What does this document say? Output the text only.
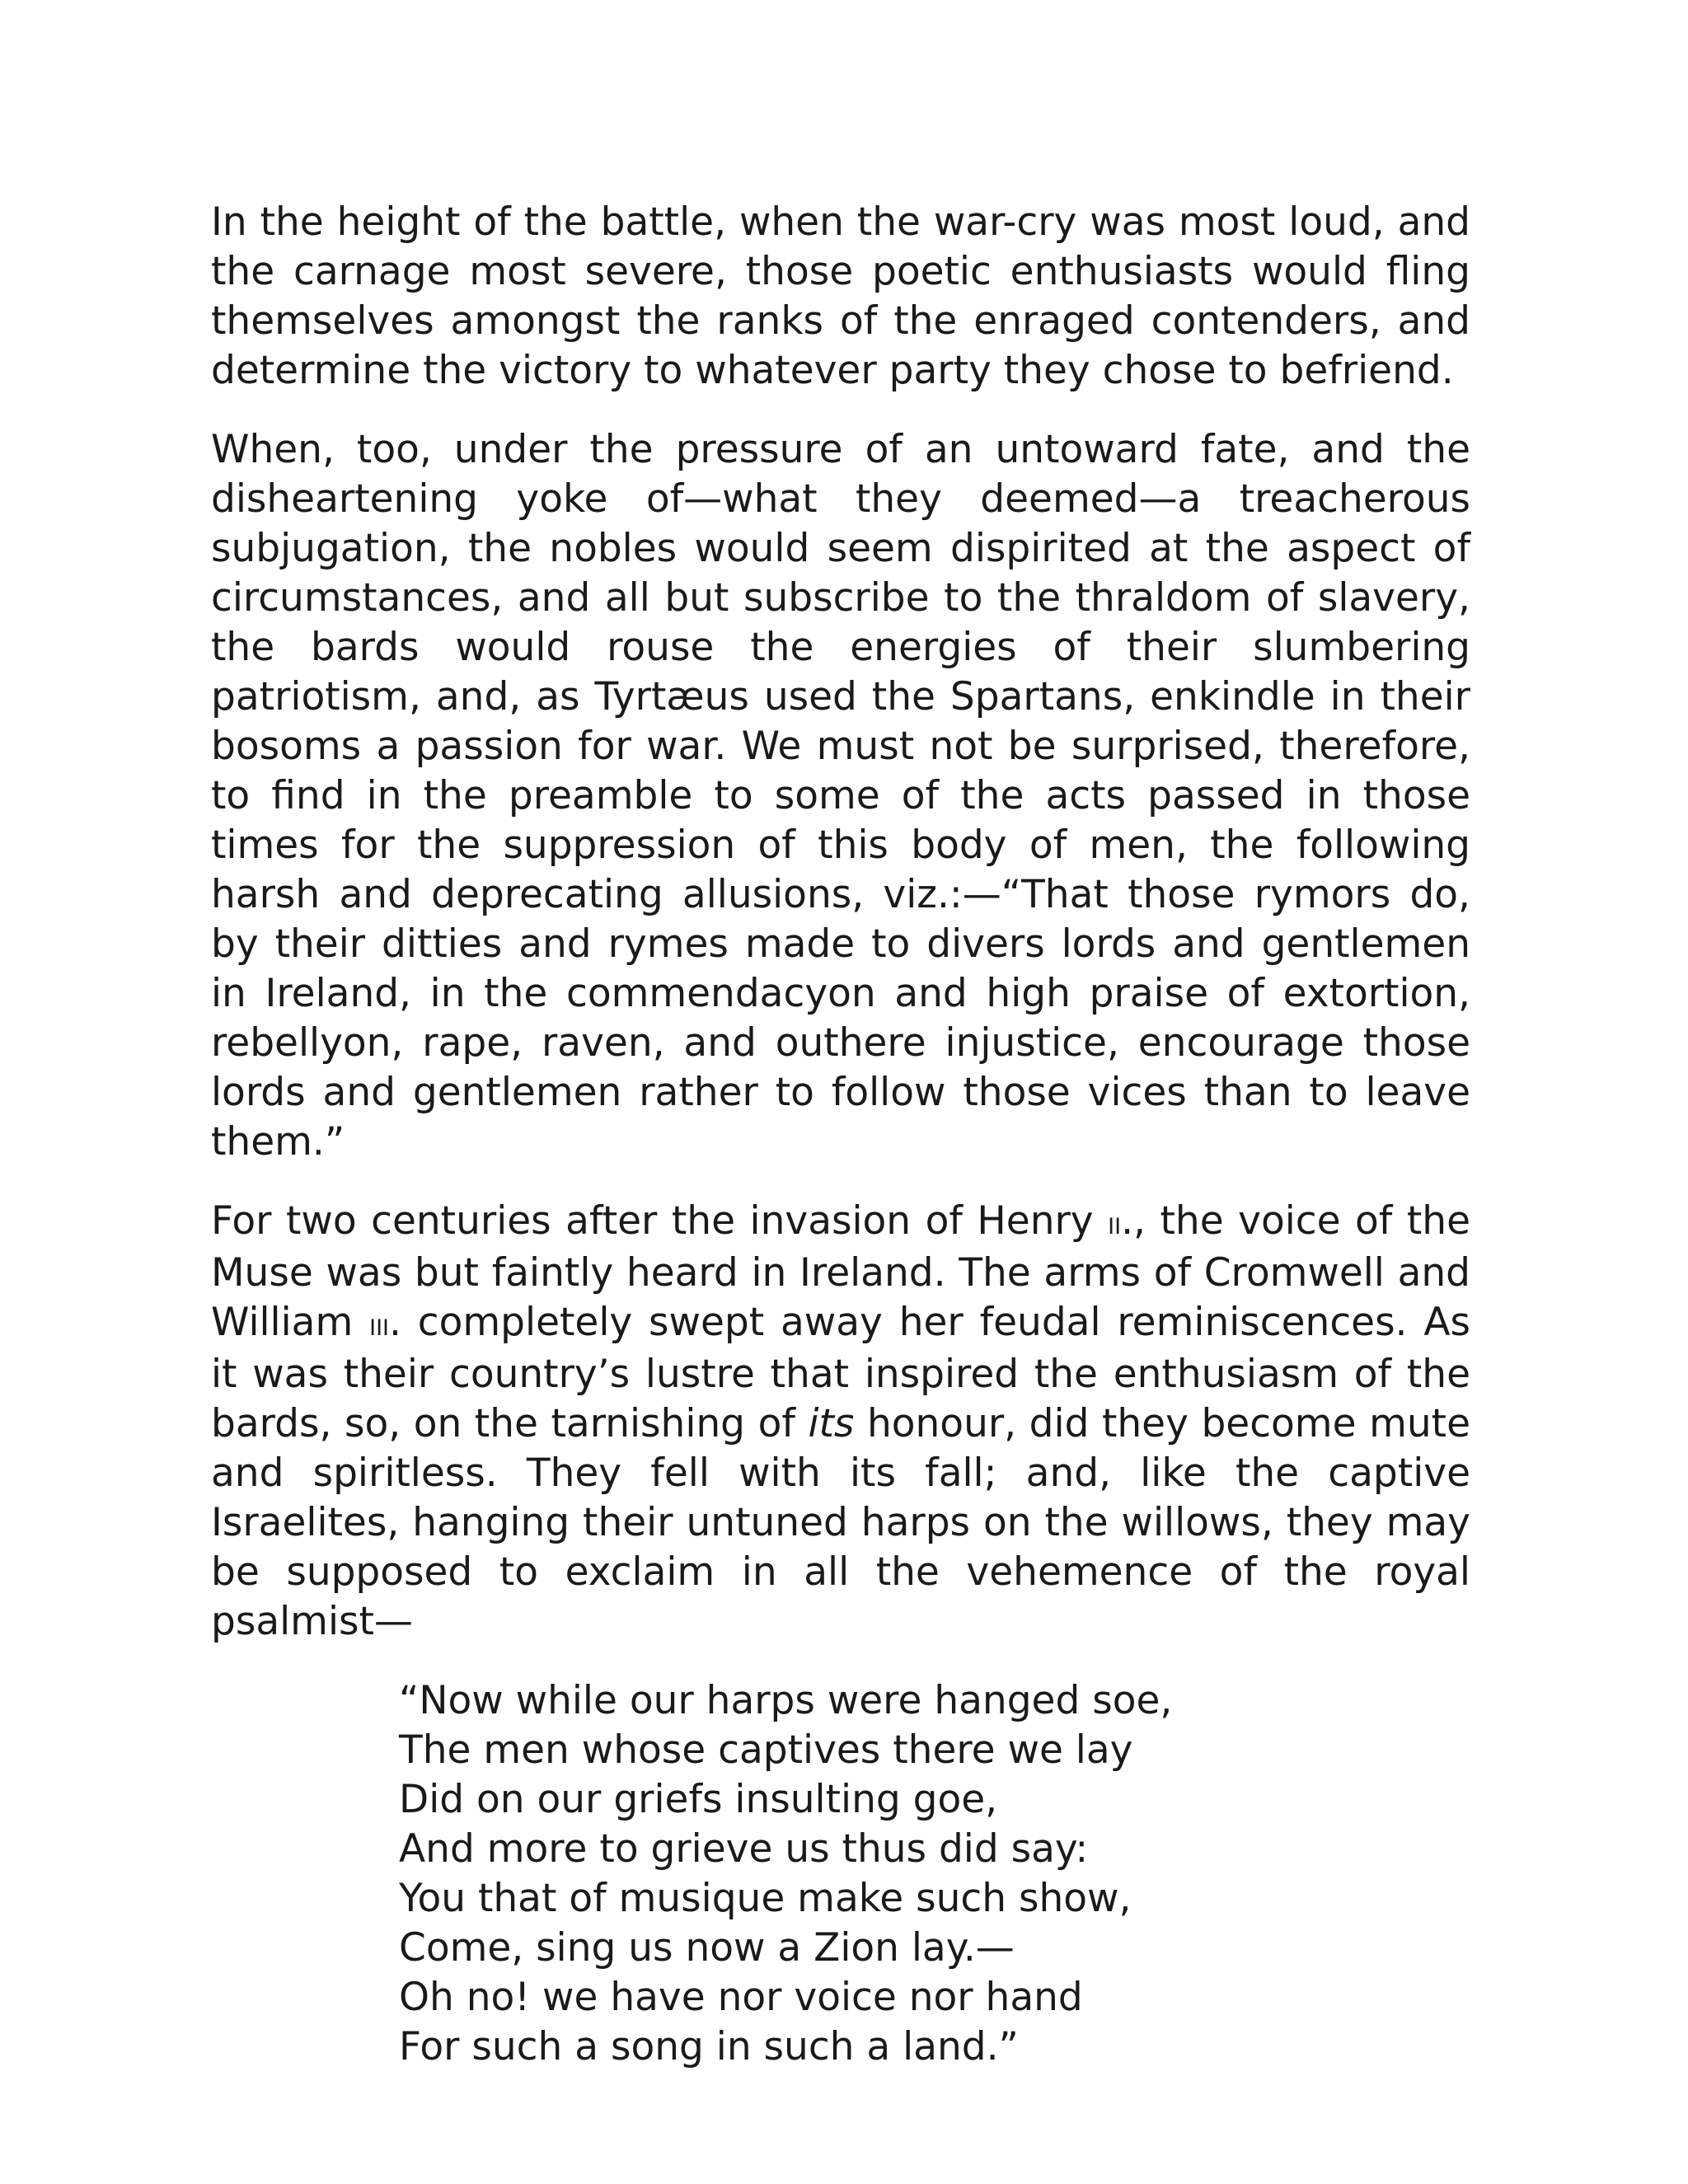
In the height of the battle, when the war-cry was most loud, and the carnage most severe, those poetic enthusiasts would fling themselves amongst the ranks of the enraged contenders, and determine the victory to whatever party they chose to befriend.

When, too, under the pressure of an untoward fate, and the disheartening yoke of—what they deemed—a treacherous subjugation, the nobles would seem dispirited at the aspect of circumstances, and all but subscribe to the thraldom of slavery, the bards would rouse the energies of their slumbering patriotism, and, as Tyrtæus used the Spartans, enkindle in their bosoms a passion for war. We must not be surprised, therefore, to find in the preamble to some of the acts passed in those times for the suppression of this body of men, the following harsh and deprecating allusions, viz.:—“That those rymors do, by their ditties and rymes made to divers lords and gentlemen in Ireland, in the commendacyon and high praise of extortion, rebellyon, rape, raven, and outhere injustice, encourage those lords and gentlemen rather to follow those vices than to leave them.”

For two centuries after the invasion of Henry ii., the voice of the Muse was but faintly heard in Ireland. The arms of Cromwell and William iii. completely swept away her feudal reminiscences. As it was their country’s lustre that inspired the enthusiasm of the bards, so, on the tarnishing of its honour, did they become mute and spiritless. They fell with its fall; and, like the captive Israelites, hanging their untuned harps on the willows, they may be supposed to exclaim in all the vehemence of the royal psalmist—

“Now while our harps were hanged soe,
The men whose captives there we lay
Did on our griefs insulting goe,
And more to grieve us thus did say:
You that of musique make such show,
Come, sing us now a Zion lay.—
Oh no! we have nor voice nor hand
For such a song in such a land.”
